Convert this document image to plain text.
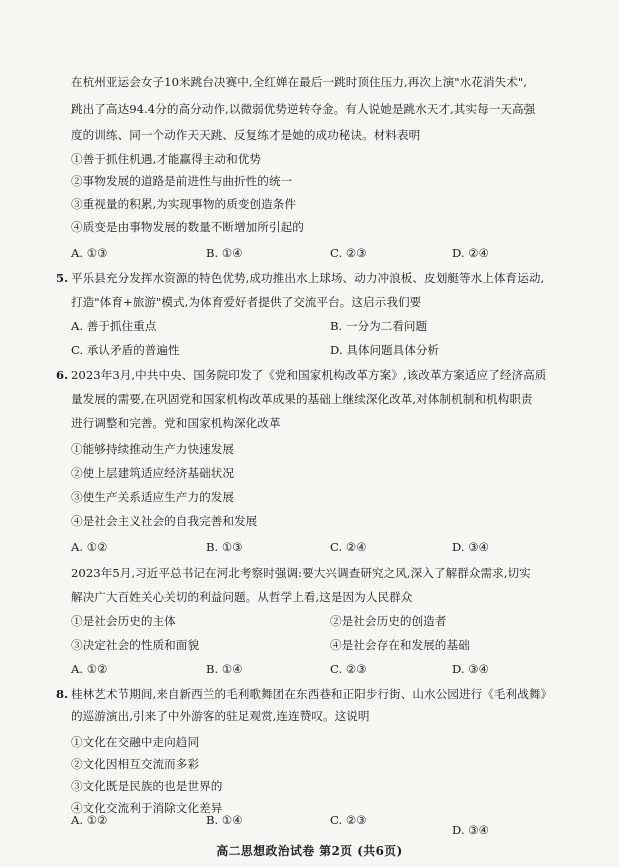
在杭州亚运会女子10米跳台决赛中,全红婵在最后一跳时顶住压力,再次上演"水花消失术",
跳出了高达94.4分的高分动作,以微弱优势逆转夺金。有人说她是跳水天才,其实每一天高强
度的训练、同一个动作天天跳、反复练才是她的成功秘诀。材料表明
①善于抓住机遇,才能赢得主动和优势
②事物发展的道路是前进性与曲折性的统一
③重视量的积累,为实现事物的质变创造条件
④质变是由事物发展的数量不断增加所引起的
A. ①③	B. ①④	C. ②③	D. ②④
5. 平乐县充分发挥水资源的特色优势,成功推出水上球场、动力冲浪板、皮划艇等水上体育运动,
打造"体育+旅游"模式,为体育爱好者提供了交流平台。这启示我们要
A. 善于抓住重点	B. 一分为二看问题
C. 承认矛盾的普遍性	D. 具体问题具体分析
6. 2023年3月,中共中央、国务院印发了《党和国家机构改革方案》,该改革方案适应了经济高质
量发展的需要,在巩固党和国家机构改革成果的基础上继续深化改革,对体制机制和机构职责
进行调整和完善。党和国家机构深化改革
①能够持续推动生产力快速发展
②使上层建筑适应经济基础状况
③使生产关系适应生产力的发展
④是社会主义社会的自我完善和发展
A. ①②	B. ①③	C. ②④	D. ③④
2023年5月,习近平总书记在河北考察时强调:要大兴调查研究之风,深入了解群众需求,切实
解决广大百姓关心关切的利益问题。从哲学上看,这是因为人民群众
①是社会历史的主体	②是社会历史的创造者
③决定社会的性质和面貌	④是社会存在和发展的基础
A. ①②	B. ①④	C. ②③	D. ③④
8. 桂林艺术节期间,来自新西兰的毛利歌舞团在东西巷和正阳步行街、山水公园进行《毛利战舞》
的巡游演出,引来了中外游客的驻足观赏,连连赞叹。这说明
①文化在交融中走向趋同
②文化因相互交流而多彩
③文化既是民族的也是世界的
④文化交流利于消除文化差异
A. ①②	B. ①④	C. ②③
D. ③④
高二思想政治试卷 第2页 (共6页)
